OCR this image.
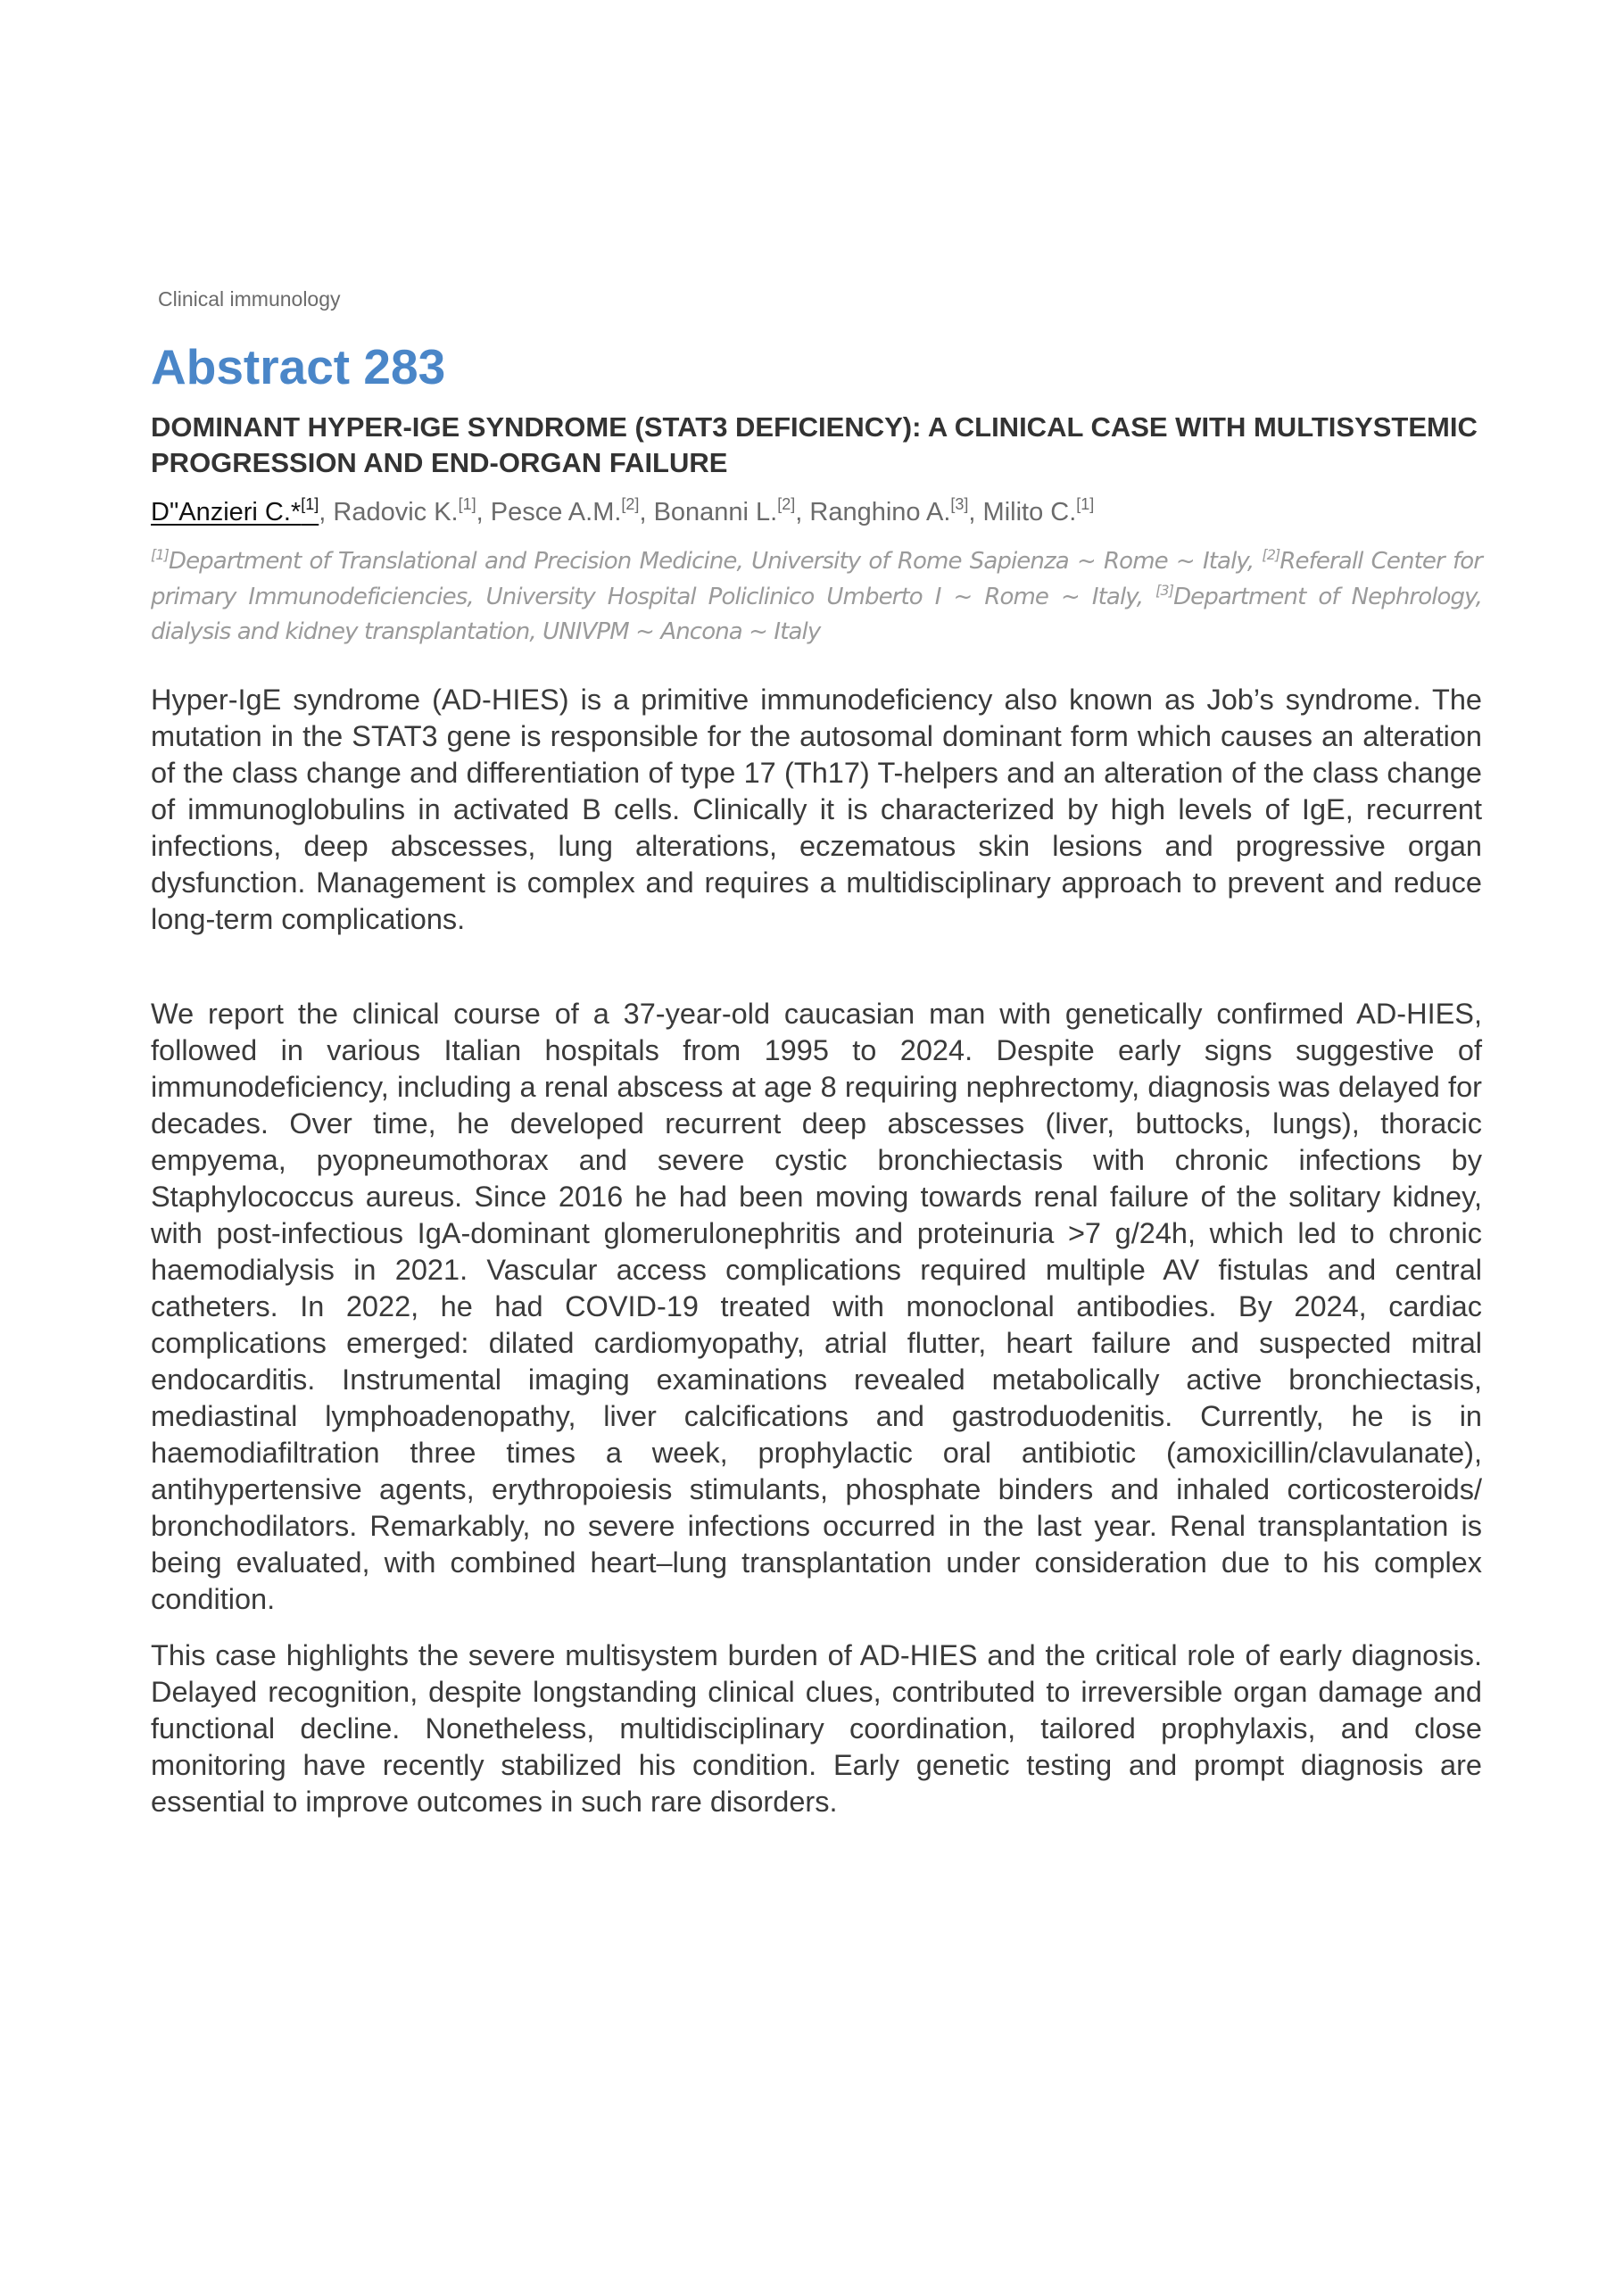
Clinical immunology
Abstract 283
DOMINANT HYPER-IGE SYNDROME (STAT3 DEFICIENCY): A CLINICAL CASE WITH MULTISYSTEMIC PROGRESSION AND END-ORGAN FAILURE
D"Anzieri C.*[1], Radovic K.[1], Pesce A.M.[2], Bonanni L.[2], Ranghino A.[3], Milito C.[1]
[1]Department of Translational and Precision Medicine, University of Rome Sapienza ~ Rome ~ Italy, [2]Referall Center for primary Immunodeficiencies, University Hospital Policlinico Umberto I ~ Rome ~ Italy, [3]Department of Nephrology, dialysis and kidney transplantation, UNIVPM ~ Ancona ~ Italy

Hyper-IgE syndrome (AD-HIES) is a primitive immunodeficiency also known as Job’s syndrome. The mutation in the STAT3 gene is responsible for the autosomal dominant form which causes an alteration of the class change and differentiation of type 17 (Th17) T-helpers and an alteration of the class change of immunoglobulins in activated B cells. Clinically it is characterized by high levels of IgE, recurrent infections, deep abscesses, lung alterations, eczematous skin lesions and progressive organ dysfunction. Management is complex and requires a multidisciplinary approach to prevent and reduce long-term complications.

We report the clinical course of a 37-year-old caucasian man with genetically confirmed AD-HIES, followed in various Italian hospitals from 1995 to 2024. Despite early signs suggestive of immunodeficiency, including a renal abscess at age 8 requiring nephrectomy, diagnosis was delayed for decades. Over time, he developed recurrent deep abscesses (liver, buttocks, lungs), thoracic empyema, pyopneumothorax and severe cystic bronchiectasis with chronic infections by Staphylococcus aureus. Since 2016 he had been moving towards renal failure of the solitary kidney, with post-infectious IgA-dominant glomerulonephritis and proteinuria >7 g/24h, which led to chronic haemodialysis in 2021. Vascular access complications required multiple AV fistulas and central catheters. In 2022, he had COVID-19 treated with monoclonal antibodies. By 2024, cardiac complications emerged: dilated cardiomyopathy, atrial flutter, heart failure and suspected mitral endocarditis. Instrumental imaging examinations revealed metabolically active bronchiectasis, mediastinal lymphoadenopathy, liver calcifications and gastroduodenitis. Currently, he is in haemodiafiltration three times a week, prophylactic oral antibiotic (amoxicillin/clavulanate), antihypertensive agents, erythropoiesis stimulants, phosphate binders and inhaled corticosteroids/ bronchodilators. Remarkably, no severe infections occurred in the last year. Renal transplantation is being evaluated, with combined heart–lung transplantation under consideration due to his complex condition.

This case highlights the severe multisystem burden of AD-HIES and the critical role of early diagnosis. Delayed recognition, despite longstanding clinical clues, contributed to irreversible organ damage and functional decline. Nonetheless, multidisciplinary coordination, tailored prophylaxis, and close monitoring have recently stabilized his condition. Early genetic testing and prompt diagnosis are essential to improve outcomes in such rare disorders.
